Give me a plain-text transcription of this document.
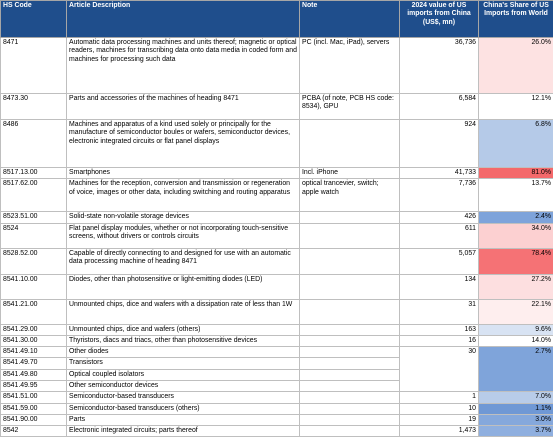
HS Code	Article Description	Note	2024 value of US imports from China (US$, mn)	China's Share of US Imports from World
8471	Automatic data processing machines and units thereof; magnetic or optical readers, machines for transcribing data onto data media in coded form and machines for processing such data	PC (incl. Mac, iPad), servers	36,736	26.0%
8473.30	Parts and accessories of the machines of heading 8471	PCBA (of note, PCB HS code: 8534), GPU	6,584	12.1%
8486	Machines and apparatus of a kind used solely or principally for the manufacture of semiconductor boules or wafers, semiconductor devices, electronic integrated circuits or flat panel displays		924	6.8%
8517.13.00	Smartphones	Incl. iPhone	41,733	81.0%
8517.62.00	Machines for the reception, conversion and transmission or regeneration of voice, images or other data, including switching and routing apparatus	optical trancevier, switch; apple watch	7,736	13.7%
8523.51.00	Solid-state non-volatile storage devices		426	2.4%
8524	Flat panel display modules, whether or not incorporating touch-sensitive screens, without drivers or controls circuits		611	34.0%
8528.52.00	Capable of directly connecting to and designed for use with an automatic data processing machine of heading 8471		5,057	78.4%
8541.10.00	Diodes, other than photosensitive or light-emitting diodes (LED)		134	27.2%
8541.21.00	Unmounted chips, dice and wafers with a dissipation rate of less than 1W		31	22.1%
8541.29.00	Unmounted chips, dice and wafers (others)		163	9.6%
8541.30.00	Thyristors, diacs and triacs, other than photosensitive devices		16	14.0%
8541.49.10	Other diodes		30	2.7%
8541.49.70	Transistors			
8541.49.80	Optical coupled isolators			
8541.49.95	Other semiconductor devices			
8541.51.00	Semiconductor-based transducers		1	7.0%
8541.59.00	Semiconductor-based transducers (others)		10	1.1%
8541.90.00	Parts		19	3.0%
8542	Electronic integrated circuits; parts thereof		1,473	3.7%
